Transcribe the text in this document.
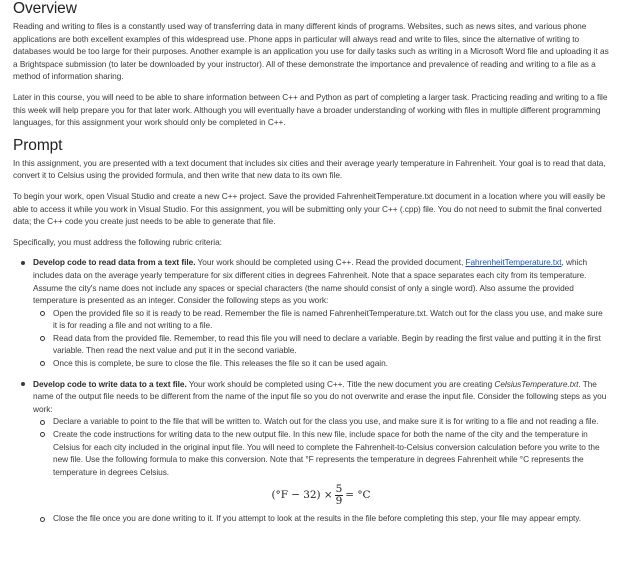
Overview

Reading and writing to files is a constantly used way of transferring data in many different kinds of programs. Websites, such as news sites, and various phone applications are both excellent examples of this widespread use. Phone apps in particular will always read and write to files, since the alternative of writing to databases would be too large for their purposes. Another example is an application you use for daily tasks such as writing in a Microsoft Word file and uploading it as a Brightspace submission (to later be downloaded by your instructor). All of these demonstrate the importance and prevalence of reading and writing to a file as a method of information sharing.

Later in this course, you will need to be able to share information between C++ and Python as part of completing a larger task. Practicing reading and writing to a file this week will help prepare you for that later work. Although you will eventually have a broader understanding of working with files in multiple different programming languages, for this assignment your work should only be completed in C++.

Prompt

In this assignment, you are presented with a text document that includes six cities and their average yearly temperature in Fahrenheit. Your goal is to read that data, convert it to Celsius using the provided formula, and then write that new data to its own file.

To begin your work, open Visual Studio and create a new C++ project. Save the provided FahrenheitTemperature.txt document in a location where you will easily be able to access it while you work in Visual Studio. For this assignment, you will be submitting only your C++ (.cpp) file. You do not need to submit the final converted data; the C++ code you create just needs to be able to generate that file.

Specifically, you must address the following rubric criteria:

Develop code to read data from a text file. Your work should be completed using C++. Read the provided document, FahrenheitTemperature.txt, which includes data on the average yearly temperature for six different cities in degrees Fahrenheit. Note that a space separates each city from its temperature. Assume the city's name does not include any spaces or special characters (the name should consist of only a single word). Also assume the provided temperature is presented as an integer. Consider the following steps as you work:
Open the provided file so it is ready to be read. Remember the file is named FahrenheitTemperature.txt. Watch out for the class you use, and make sure it is for reading a file and not writing to a file.
Read data from the provided file. Remember, to read this file you will need to declare a variable. Begin by reading the first value and putting it in the first variable. Then read the next value and put it in the second variable.
Once this is complete, be sure to close the file. This releases the file so it can be used again.
Develop code to write data to a text file. Your work should be completed using C++. Title the new document you are creating CelsiusTemperature.txt. The name of the output file needs to be different from the name of the input file so you do not overwrite and erase the input file. Consider the following steps as you work:
Declare a variable to point to the file that will be written to. Watch out for the class you use, and make sure it is for writing to a file and not reading a file.
Create the code instructions for writing data to the new output file. In this new file, include space for both the name of the city and the temperature in Celsius for each city included in the original input file. You will need to complete the Fahrenheit-to-Celsius conversion calculation before you write to the new file. Use the following formula to make this conversion. Note that °F represents the temperature in degrees Fahrenheit while °C represents the temperature in degrees Celsius.
$(^\circ F - 32) \times \frac{5}{9} = ^\circ C$
Close the file once you are done writing to it. If you attempt to look at the results in the file before completing this step, your file may appear empty.
